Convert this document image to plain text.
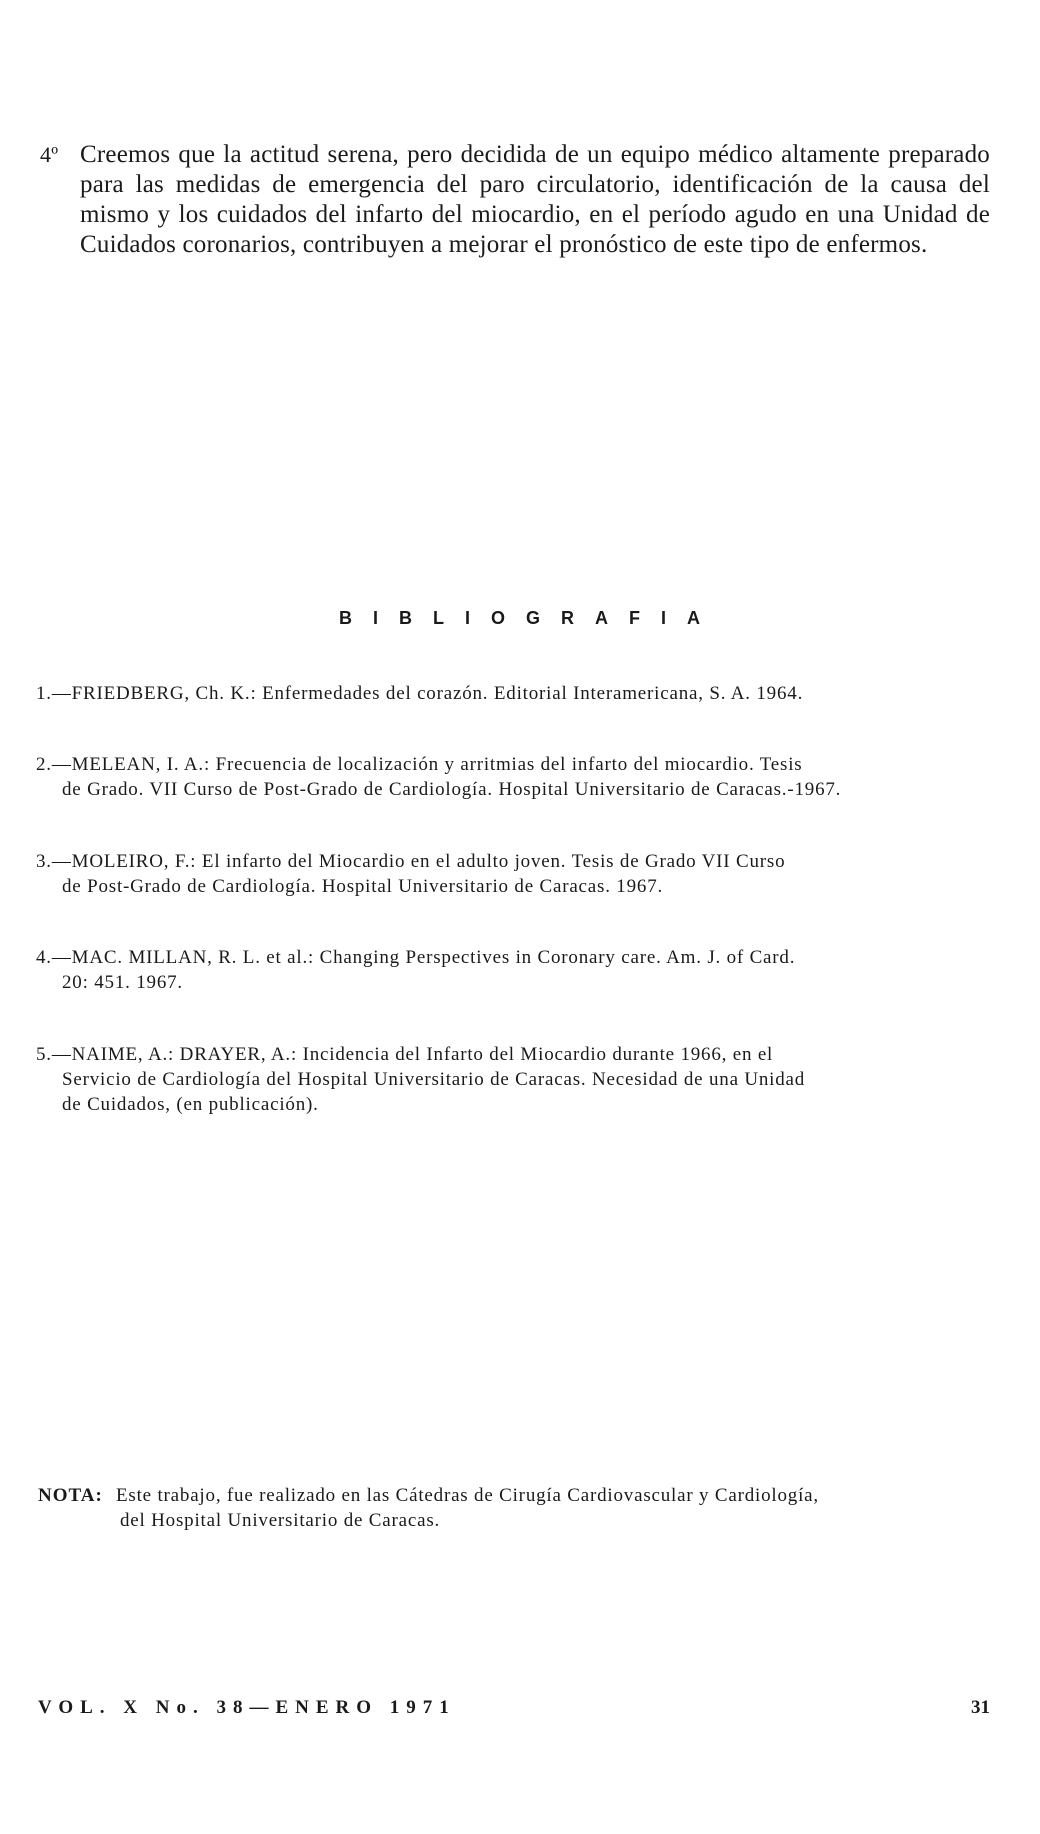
4º Creemos que la actitud serena, pero decidida de un equipo médico altamente preparado para las medidas de emergencia del paro circulatorio, identificación de la causa del mismo y los cuidados del infarto del miocardio, en el período agudo en una Unidad de Cuidados coronarios, contribuyen a mejorar el pronóstico de este tipo de enfermos.
BIBLIOGRAFIA
1.—FRIEDBERG, Ch. K.: Enfermedades del corazón. Editorial Interamericana, S. A. 1964.
2.—MELEAN, I. A.: Frecuencia de localización y arritmias del infarto del miocardio. Tesis
de Grado. VII Curso de Post-Grado de Cardiología. Hospital Universitario de Caracas.-1967.
3.—MOLEIRO, F.: El infarto del Miocardio en el adulto joven. Tesis de Grado VII Curso
de Post-Grado de Cardiología. Hospital Universitario de Caracas. 1967.
4.—MAC. MILLAN, R. L. et al.: Changing Perspectives in Coronary care. Am. J. of Card.
20: 451. 1967.
5.—NAIME, A.: DRAYER, A.: Incidencia del Infarto del Miocardio durante 1966, en el
Servicio de Cardiología del Hospital Universitario de Caracas. Necesidad de una Unidad
de Cuidados, (en publicación).
NOTA: Este trabajo, fue realizado en las Cátedras de Cirugía Cardiovascular y Cardiología,
del Hospital Universitario de Caracas.
VOL. X No. 38—ENERO 1971	31
